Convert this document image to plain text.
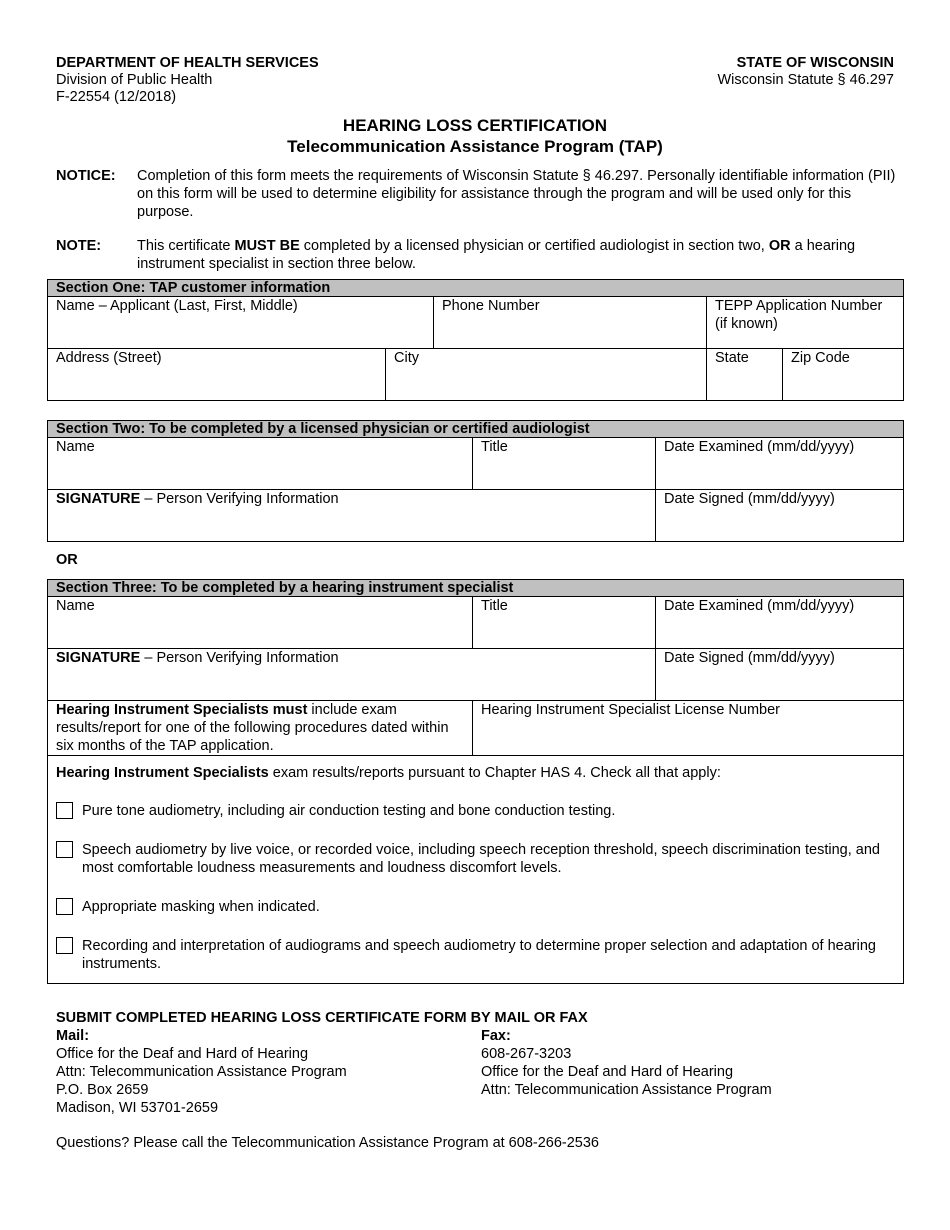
DEPARTMENT OF HEALTH SERVICES
Division of Public Health
F-22554 (12/2018)
STATE OF WISCONSIN
Wisconsin Statute § 46.297
HEARING LOSS CERTIFICATION
Telecommunication Assistance Program (TAP)
NOTICE: Completion of this form meets the requirements of Wisconsin Statute § 46.297. Personally identifiable information (PII) on this form will be used to determine eligibility for assistance through the program and will be used only for this purpose.
NOTE: This certificate MUST BE completed by a licensed physician or certified audiologist in section two, OR a hearing instrument specialist in section three below.
Section One: TAP customer information				
Name – Applicant (Last, First, Middle)		Phone Number	TEPP Application Number (if known)	
Address (Street)	City		State	Zip Code
Section Two: To be completed by a licensed physician or certified audiologist		
Name	Title	Date Examined (mm/dd/yyyy)
SIGNATURE – Person Verifying Information		Date Signed (mm/dd/yyyy)
OR
Section Three: To be completed by a hearing instrument specialist		
Name	Title	Date Examined (mm/dd/yyyy)
SIGNATURE – Person Verifying Information		Date Signed (mm/dd/yyyy)
Hearing Instrument Specialists must include exam results/report for one of the following procedures dated within six months of the TAP application.	Hearing Instrument Specialist License Number	

Hearing Instrument Specialists exam results/reports pursuant to Chapter HAS 4. Check all that apply:
Pure tone audiometry, including air conduction testing and bone conduction testing.
Speech audiometry by live voice, or recorded voice, including speech reception threshold, speech discrimination testing, and most comfortable loudness measurements and loudness discomfort levels.
Appropriate masking when indicated.
Recording and interpretation of audiograms and speech audiometry to determine proper selection and adaptation of hearing instruments.		
SUBMIT COMPLETED HEARING LOSS CERTIFICATE FORM BY MAIL OR FAX
Mail:
Office for the Deaf and Hard of Hearing
Attn: Telecommunication Assistance Program
P.O. Box 2659
Madison, WI 53701-2659
Fax:
608-267-3203
Office for the Deaf and Hard of Hearing
Attn: Telecommunication Assistance Program
Questions? Please call the Telecommunication Assistance Program at 608-266-2536
